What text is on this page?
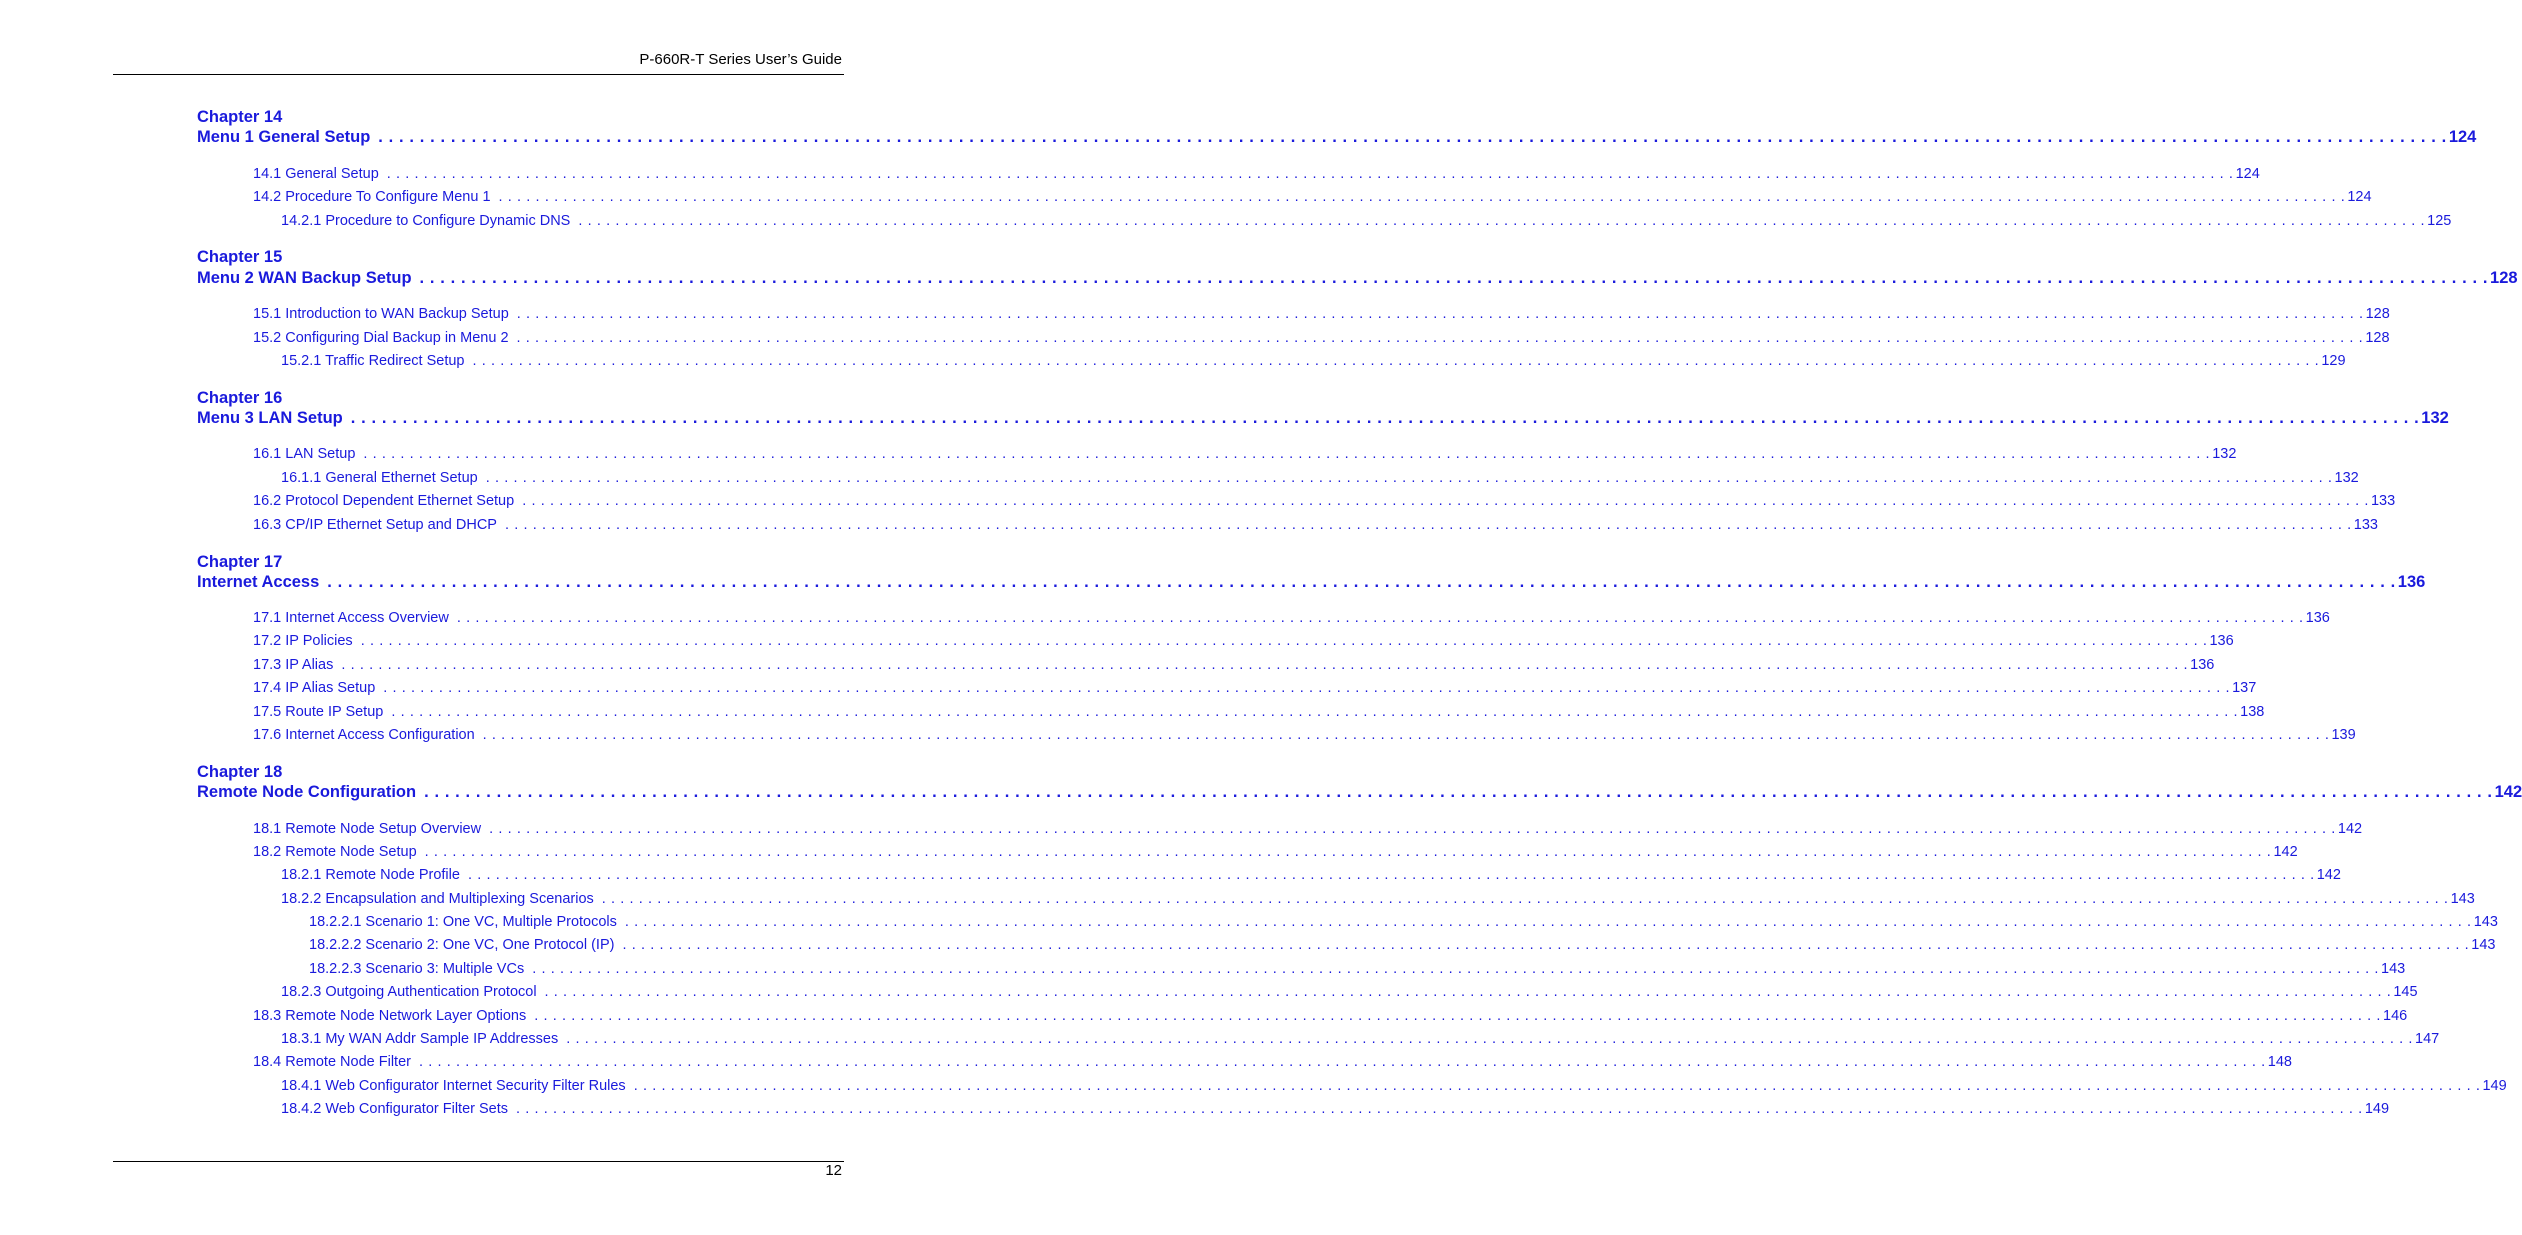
P-660R-T Series User’s Guide
Chapter 14
Menu 1 General Setup . . . . . . . . . . . . . . . . . . . . . . . . . . . . . . . . . . . . . . . . . . . . . . . . . . . . . . . . . . . . . . . . . . . . . . . . . . . . . . . . . . . . . . . . . . . . . . . . . . . . . . . . . . . . . . . . . . . . . . . . . . . . . . . . . . . . . . . . . . . . . . . . . . . . . . . . . . . . . . . . . . . . . . . . . . . . . . . . . . . . . . . . . . . . . . . . . . . . . . . . 124
14.1 General Setup . . . . . . . . . . . . . . . . . . . . . . . . . . . . . . . . . . . . . . . . . . . . . . . . . . . . . . . . . . . . . . . . . . . . . . . . . . . . . . . . . . . . . . . . . . . . . . . . . . . . . . . . . . . . . . . . . . . . . . . . . . . . . . . . . . . . . . . . . . . . . . . . . . . . . . . . . . . . . . . . . . . . . . . . . . . . . . . . . . . . . . . . . . . . . . . . . . . . . . . . 124
14.2 Procedure To Configure Menu 1 . . . . . . . . . . . . . . . . . . . . . . . . . . . . . . . . . . . . . . . . . . . . . . . . . . . . . . . . . . . . . . . . . . . . . . . . . . . . . . . . . . . . . . . . . . . . . . . . . . . . . . . . . . . . . . . . . . . . . . . . . . . . . . . . . . . . . . . . . . . . . . . . . . . . . . . . . . . . . . . . . . . . . . . . . . . . . . . . . . . . . . . . . . . . . . . . . . . . . . . . 124
14.2.1 Procedure to Configure Dynamic DNS . . . . . . . . . . . . . . . . . . . . . . . . . . . . . . . . . . . . . . . . . . . . . . . . . . . . . . . . . . . . . . . . . . . . . . . . . . . . . . . . . . . . . . . . . . . . . . . . . . . . . . . . . . . . . . . . . . . . . . . . . . . . . . . . . . . . . . . . . . . . . . . . . . . . . . . . . . . . . . . . . . . . . . . . . . . . . . . . . . . . . . . . . . . . . . . . . . . . . . . . 125
Chapter 15
Menu 2 WAN Backup Setup . . . . . . . . . . . . . . . . . . . . . . . . . . . . . . . . . . . . . . . . . . . . . . . . . . . . . . . . . . . . . . . . . . . . . . . . . . . . . . . . . . . . . . . . . . . . . . . . . . . . . . . . . . . . . . . . . . . . . . . . . . . . . . . . . . . . . . . . . . . . . . . . . . . . . . . . . . . . . . . . . . . . . . . . . . . . . . . . . . . . . . . . . . . . . . . . . . . . . . . . 128
15.1 Introduction to WAN Backup Setup . . . . . . . . . . . . . . . . . . . . . . . . . . . . . . . . . . . . . . . . . . . . . . . . . . . . . . . . . . . . . . . . . . . . . . . . . . . . . . . . . . . . . . . . . . . . . . . . . . . . . . . . . . . . . . . . . . . . . . . . . . . . . . . . . . . . . . . . . . . . . . . . . . . . . . . . . . . . . . . . . . . . . . . . . . . . . . . . . . . . . . . . . . . . . . . . . . . . . . . . 128
15.2 Configuring Dial Backup in Menu 2 . . . . . . . . . . . . . . . . . . . . . . . . . . . . . . . . . . . . . . . . . . . . . . . . . . . . . . . . . . . . . . . . . . . . . . . . . . . . . . . . . . . . . . . . . . . . . . . . . . . . . . . . . . . . . . . . . . . . . . . . . . . . . . . . . . . . . . . . . . . . . . . . . . . . . . . . . . . . . . . . . . . . . . . . . . . . . . . . . . . . . . . . . . . . . . . . . . . . . . . . 128
15.2.1 Traffic Redirect Setup . . . . . . . . . . . . . . . . . . . . . . . . . . . . . . . . . . . . . . . . . . . . . . . . . . . . . . . . . . . . . . . . . . . . . . . . . . . . . . . . . . . . . . . . . . . . . . . . . . . . . . . . . . . . . . . . . . . . . . . . . . . . . . . . . . . . . . . . . . . . . . . . . . . . . . . . . . . . . . . . . . . . . . . . . . . . . . . . . . . . . . . . . . . . . . . . . . . . . . . . 129
Chapter 16
Menu 3 LAN Setup . . . . . . . . . . . . . . . . . . . . . . . . . . . . . . . . . . . . . . . . . . . . . . . . . . . . . . . . . . . . . . . . . . . . . . . . . . . . . . . . . . . . . . . . . . . . . . . . . . . . . . . . . . . . . . . . . . . . . . . . . . . . . . . . . . . . . . . . . . . . . . . . . . . . . . . . . . . . . . . . . . . . . . . . . . . . . . . . . . . . . . . . . . . . . . . . . . . . . . . . 132
16.1 LAN Setup . . . . . . . . . . . . . . . . . . . . . . . . . . . . . . . . . . . . . . . . . . . . . . . . . . . . . . . . . . . . . . . . . . . . . . . . . . . . . . . . . . . . . . . . . . . . . . . . . . . . . . . . . . . . . . . . . . . . . . . . . . . . . . . . . . . . . . . . . . . . . . . . . . . . . . . . . . . . . . . . . . . . . . . . . . . . . . . . . . . . . . . . . . . . . . . . . . . . . . . . 132
16.1.1 General Ethernet Setup . . . . . . . . . . . . . . . . . . . . . . . . . . . . . . . . . . . . . . . . . . . . . . . . . . . . . . . . . . . . . . . . . . . . . . . . . . . . . . . . . . . . . . . . . . . . . . . . . . . . . . . . . . . . . . . . . . . . . . . . . . . . . . . . . . . . . . . . . . . . . . . . . . . . . . . . . . . . . . . . . . . . . . . . . . . . . . . . . . . . . . . . . . . . . . . . . . . . . . . . 132
16.2 Protocol Dependent Ethernet Setup . . . . . . . . . . . . . . . . . . . . . . . . . . . . . . . . . . . . . . . . . . . . . . . . . . . . . . . . . . . . . . . . . . . . . . . . . . . . . . . . . . . . . . . . . . . . . . . . . . . . . . . . . . . . . . . . . . . . . . . . . . . . . . . . . . . . . . . . . . . . . . . . . . . . . . . . . . . . . . . . . . . . . . . . . . . . . . . . . . . . . . . . . . . . . . . . . . . . . . . . 133
16.3 CP/IP Ethernet Setup and DHCP . . . . . . . . . . . . . . . . . . . . . . . . . . . . . . . . . . . . . . . . . . . . . . . . . . . . . . . . . . . . . . . . . . . . . . . . . . . . . . . . . . . . . . . . . . . . . . . . . . . . . . . . . . . . . . . . . . . . . . . . . . . . . . . . . . . . . . . . . . . . . . . . . . . . . . . . . . . . . . . . . . . . . . . . . . . . . . . . . . . . . . . . . . . . . . . . . . . . . . . . 133
Chapter 17
Internet Access . . . . . . . . . . . . . . . . . . . . . . . . . . . . . . . . . . . . . . . . . . . . . . . . . . . . . . . . . . . . . . . . . . . . . . . . . . . . . . . . . . . . . . . . . . . . . . . . . . . . . . . . . . . . . . . . . . . . . . . . . . . . . . . . . . . . . . . . . . . . . . . . . . . . . . . . . . . . . . . . . . . . . . . . . . . . . . . . . . . . . . . . . . . . . . . . . . . . . . . . 136
17.1 Internet Access Overview . . . . . . . . . . . . . . . . . . . . . . . . . . . . . . . . . . . . . . . . . . . . . . . . . . . . . . . . . . . . . . . . . . . . . . . . . . . . . . . . . . . . . . . . . . . . . . . . . . . . . . . . . . . . . . . . . . . . . . . . . . . . . . . . . . . . . . . . . . . . . . . . . . . . . . . . . . . . . . . . . . . . . . . . . . . . . . . . . . . . . . . . . . . . . . . . . . . . . . . . 136
17.2 IP Policies . . . . . . . . . . . . . . . . . . . . . . . . . . . . . . . . . . . . . . . . . . . . . . . . . . . . . . . . . . . . . . . . . . . . . . . . . . . . . . . . . . . . . . . . . . . . . . . . . . . . . . . . . . . . . . . . . . . . . . . . . . . . . . . . . . . . . . . . . . . . . . . . . . . . . . . . . . . . . . . . . . . . . . . . . . . . . . . . . . . . . . . . . . . . . . . . . . . . . . . . 136
17.3 IP Alias . . . . . . . . . . . . . . . . . . . . . . . . . . . . . . . . . . . . . . . . . . . . . . . . . . . . . . . . . . . . . . . . . . . . . . . . . . . . . . . . . . . . . . . . . . . . . . . . . . . . . . . . . . . . . . . . . . . . . . . . . . . . . . . . . . . . . . . . . . . . . . . . . . . . . . . . . . . . . . . . . . . . . . . . . . . . . . . . . . . . . . . . . . . . . . . . . . . . . . . . 136
17.4 IP Alias Setup . . . . . . . . . . . . . . . . . . . . . . . . . . . . . . . . . . . . . . . . . . . . . . . . . . . . . . . . . . . . . . . . . . . . . . . . . . . . . . . . . . . . . . . . . . . . . . . . . . . . . . . . . . . . . . . . . . . . . . . . . . . . . . . . . . . . . . . . . . . . . . . . . . . . . . . . . . . . . . . . . . . . . . . . . . . . . . . . . . . . . . . . . . . . . . . . . . . . . . . . 137
17.5 Route IP Setup . . . . . . . . . . . . . . . . . . . . . . . . . . . . . . . . . . . . . . . . . . . . . . . . . . . . . . . . . . . . . . . . . . . . . . . . . . . . . . . . . . . . . . . . . . . . . . . . . . . . . . . . . . . . . . . . . . . . . . . . . . . . . . . . . . . . . . . . . . . . . . . . . . . . . . . . . . . . . . . . . . . . . . . . . . . . . . . . . . . . . . . . . . . . . . . . . . . . . . . . 138
17.6 Internet Access Configuration . . . . . . . . . . . . . . . . . . . . . . . . . . . . . . . . . . . . . . . . . . . . . . . . . . . . . . . . . . . . . . . . . . . . . . . . . . . . . . . . . . . . . . . . . . . . . . . . . . . . . . . . . . . . . . . . . . . . . . . . . . . . . . . . . . . . . . . . . . . . . . . . . . . . . . . . . . . . . . . . . . . . . . . . . . . . . . . . . . . . . . . . . . . . . . . . . . . . . . . . 139
Chapter 18
Remote Node Configuration . . . . . . . . . . . . . . . . . . . . . . . . . . . . . . . . . . . . . . . . . . . . . . . . . . . . . . . . . . . . . . . . . . . . . . . . . . . . . . . . . . . . . . . . . . . . . . . . . . . . . . . . . . . . . . . . . . . . . . . . . . . . . . . . . . . . . . . . . . . . . . . . . . . . . . . . . . . . . . . . . . . . . . . . . . . . . . . . . . . . . . . . . . . . . . . . . . . . . . . . 142
18.1 Remote Node Setup Overview . . . . . . . . . . . . . . . . . . . . . . . . . . . . . . . . . . . . . . . . . . . . . . . . . . . . . . . . . . . . . . . . . . . . . . . . . . . . . . . . . . . . . . . . . . . . . . . . . . . . . . . . . . . . . . . . . . . . . . . . . . . . . . . . . . . . . . . . . . . . . . . . . . . . . . . . . . . . . . . . . . . . . . . . . . . . . . . . . . . . . . . . . . . . . . . . . . . . . . . . 142
18.2 Remote Node Setup . . . . . . . . . . . . . . . . . . . . . . . . . . . . . . . . . . . . . . . . . . . . . . . . . . . . . . . . . . . . . . . . . . . . . . . . . . . . . . . . . . . . . . . . . . . . . . . . . . . . . . . . . . . . . . . . . . . . . . . . . . . . . . . . . . . . . . . . . . . . . . . . . . . . . . . . . . . . . . . . . . . . . . . . . . . . . . . . . . . . . . . . . . . . . . . . . . . . . . . . 142
18.2.1 Remote Node Profile . . . . . . . . . . . . . . . . . . . . . . . . . . . . . . . . . . . . . . . . . . . . . . . . . . . . . . . . . . . . . . . . . . . . . . . . . . . . . . . . . . . . . . . . . . . . . . . . . . . . . . . . . . . . . . . . . . . . . . . . . . . . . . . . . . . . . . . . . . . . . . . . . . . . . . . . . . . . . . . . . . . . . . . . . . . . . . . . . . . . . . . . . . . . . . . . . . . . . . . . 142
18.2.2 Encapsulation and Multiplexing Scenarios . . . . . . . . . . . . . . . . . . . . . . . . . . . . . . . . . . . . . . . . . . . . . . . . . . . . . . . . . . . . . . . . . . . . . . . . . . . . . . . . . . . . . . . . . . . . . . . . . . . . . . . . . . . . . . . . . . . . . . . . . . . . . . . . . . . . . . . . . . . . . . . . . . . . . . . . . . . . . . . . . . . . . . . . . . . . . . . . . . . . . . . . . . . . . . . . . . . . . . . . 143
18.2.2.1 Scenario 1: One VC, Multiple Protocols . . . . . . . . . . . . . . . . . . . . . . . . . . . . . . . . . . . . . . . . . . . . . . . . . . . . . . . . . . . . . . . . . . . . . . . . . . . . . . . . . . . . . . . . . . . . . . . . . . . . . . . . . . . . . . . . . . . . . . . . . . . . . . . . . . . . . . . . . . . . . . . . . . . . . . . . . . . . . . . . . . . . . . . . . . . . . . . . . . . . . . . . . . . . . . . . . . . . . . . . 143
18.2.2.2 Scenario 2: One VC, One Protocol (IP) . . . . . . . . . . . . . . . . . . . . . . . . . . . . . . . . . . . . . . . . . . . . . . . . . . . . . . . . . . . . . . . . . . . . . . . . . . . . . . . . . . . . . . . . . . . . . . . . . . . . . . . . . . . . . . . . . . . . . . . . . . . . . . . . . . . . . . . . . . . . . . . . . . . . . . . . . . . . . . . . . . . . . . . . . . . . . . . . . . . . . . . . . . . . . . . . . . . . . . . . 143
18.2.2.3 Scenario 3: Multiple VCs . . . . . . . . . . . . . . . . . . . . . . . . . . . . . . . . . . . . . . . . . . . . . . . . . . . . . . . . . . . . . . . . . . . . . . . . . . . . . . . . . . . . . . . . . . . . . . . . . . . . . . . . . . . . . . . . . . . . . . . . . . . . . . . . . . . . . . . . . . . . . . . . . . . . . . . . . . . . . . . . . . . . . . . . . . . . . . . . . . . . . . . . . . . . . . . . . . . . . . . . 143
18.2.3 Outgoing Authentication Protocol . . . . . . . . . . . . . . . . . . . . . . . . . . . . . . . . . . . . . . . . . . . . . . . . . . . . . . . . . . . . . . . . . . . . . . . . . . . . . . . . . . . . . . . . . . . . . . . . . . . . . . . . . . . . . . . . . . . . . . . . . . . . . . . . . . . . . . . . . . . . . . . . . . . . . . . . . . . . . . . . . . . . . . . . . . . . . . . . . . . . . . . . . . . . . . . . . . . . . . . . 145
18.3 Remote Node Network Layer Options . . . . . . . . . . . . . . . . . . . . . . . . . . . . . . . . . . . . . . . . . . . . . . . . . . . . . . . . . . . . . . . . . . . . . . . . . . . . . . . . . . . . . . . . . . . . . . . . . . . . . . . . . . . . . . . . . . . . . . . . . . . . . . . . . . . . . . . . . . . . . . . . . . . . . . . . . . . . . . . . . . . . . . . . . . . . . . . . . . . . . . . . . . . . . . . . . . . . . . . . 146
18.3.1 My WAN Addr Sample IP Addresses . . . . . . . . . . . . . . . . . . . . . . . . . . . . . . . . . . . . . . . . . . . . . . . . . . . . . . . . . . . . . . . . . . . . . . . . . . . . . . . . . . . . . . . . . . . . . . . . . . . . . . . . . . . . . . . . . . . . . . . . . . . . . . . . . . . . . . . . . . . . . . . . . . . . . . . . . . . . . . . . . . . . . . . . . . . . . . . . . . . . . . . . . . . . . . . . . . . . . . . . 147
18.4 Remote Node Filter . . . . . . . . . . . . . . . . . . . . . . . . . . . . . . . . . . . . . . . . . . . . . . . . . . . . . . . . . . . . . . . . . . . . . . . . . . . . . . . . . . . . . . . . . . . . . . . . . . . . . . . . . . . . . . . . . . . . . . . . . . . . . . . . . . . . . . . . . . . . . . . . . . . . . . . . . . . . . . . . . . . . . . . . . . . . . . . . . . . . . . . . . . . . . . . . . . . . . . . . 148
18.4.1 Web Configurator Internet Security Filter Rules . . . . . . . . . . . . . . . . . . . . . . . . . . . . . . . . . . . . . . . . . . . . . . . . . . . . . . . . . . . . . . . . . . . . . . . . . . . . . . . . . . . . . . . . . . . . . . . . . . . . . . . . . . . . . . . . . . . . . . . . . . . . . . . . . . . . . . . . . . . . . . . . . . . . . . . . . . . . . . . . . . . . . . . . . . . . . . . . . . . . . . . . . . . . . . . . . . . . . . . . 149
18.4.2 Web Configurator Filter Sets . . . . . . . . . . . . . . . . . . . . . . . . . . . . . . . . . . . . . . . . . . . . . . . . . . . . . . . . . . . . . . . . . . . . . . . . . . . . . . . . . . . . . . . . . . . . . . . . . . . . . . . . . . . . . . . . . . . . . . . . . . . . . . . . . . . . . . . . . . . . . . . . . . . . . . . . . . . . . . . . . . . . . . . . . . . . . . . . . . . . . . . . . . . . . . . . . . . . . . . . 149
12
